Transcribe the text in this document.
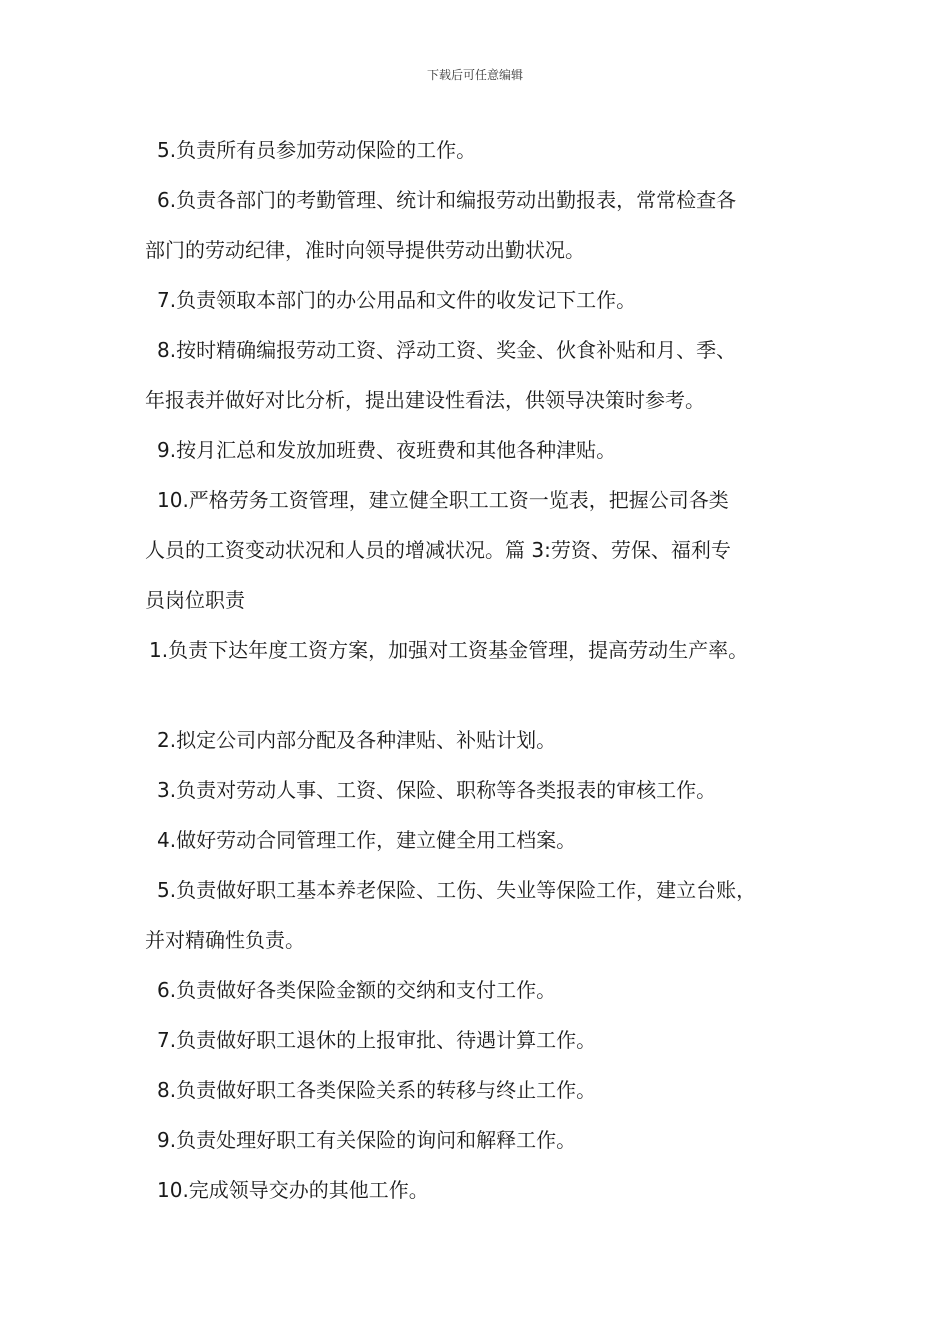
下载后可任意编辑
5.负责所有员参加劳动保险的工作。
6.负责各部门的考勤管理、统计和编报劳动出勤报表，常常检查各
部门的劳动纪律，准时向领导提供劳动出勤状况。
7.负责领取本部门的办公用品和文件的收发记下工作。
8.按时精确编报劳动工资、浮动工资、奖金、伙食补贴和月、季、
年报表并做好对比分析，提出建设性看法，供领导决策时参考。
9.按月汇总和发放加班费、夜班费和其他各种津贴。
10.严格劳务工资管理，建立健全职工工资一览表，把握公司各类
人员的工资变动状况和人员的增减状况。篇 3:劳资、劳保、福利专
员岗位职责
1.负责下达年度工资方案，加强对工资基金管理，提高劳动生产率。
2.拟定公司内部分配及各种津贴、补贴计划。
3.负责对劳动人事、工资、保险、职称等各类报表的审核工作。
4.做好劳动合同管理工作，建立健全用工档案。
5.负责做好职工基本养老保险、工伤、失业等保险工作，建立台账，
并对精确性负责。
6.负责做好各类保险金额的交纳和支付工作。
7.负责做好职工退休的上报审批、待遇计算工作。
8.负责做好职工各类保险关系的转移与终止工作。
9.负责处理好职工有关保险的询问和解释工作。
10.完成领导交办的其他工作。
